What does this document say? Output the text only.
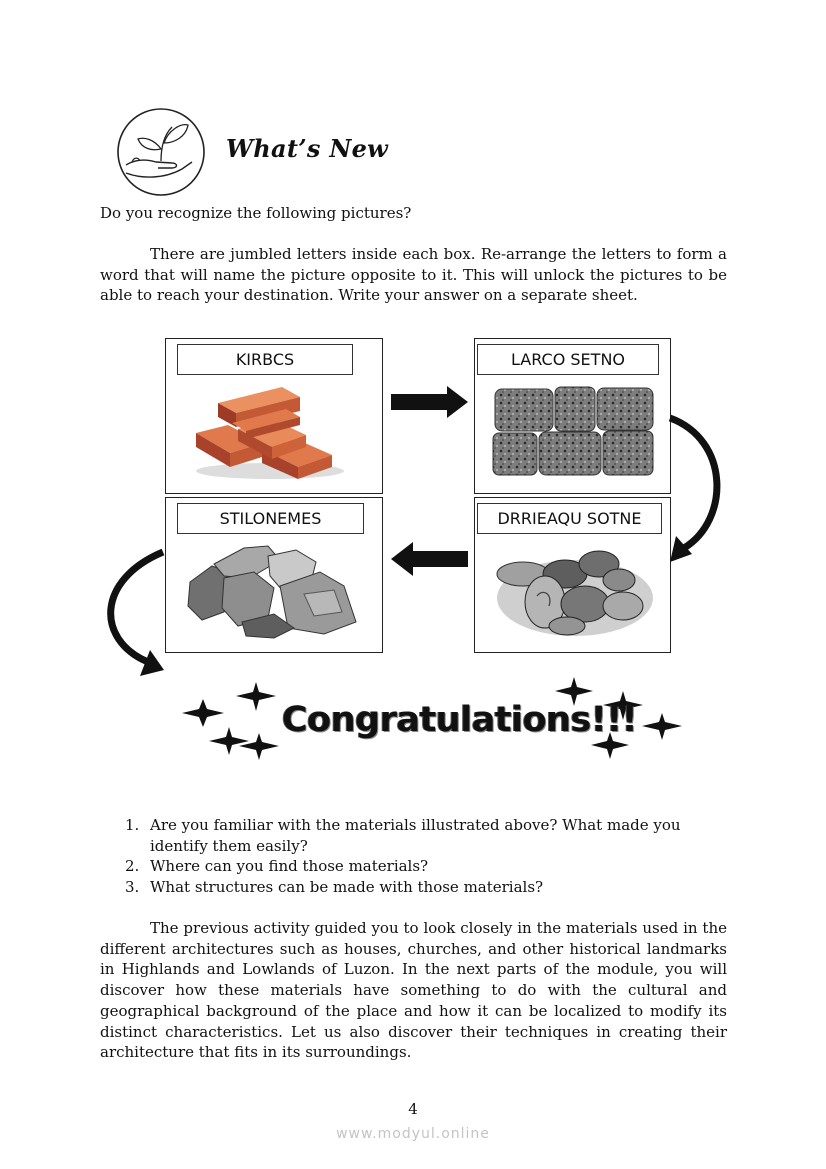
What’s New
Do you recognize the following pictures?
There are jumbled letters inside each box. Re-arrange the letters to form a word that will name the picture opposite to it. This will unlock the pictures to be able to reach your destination. Write your answer on a separate sheet.
KIRBCS	LARCO SETNO
STILONEMES	DRRIEAQU SOTNE
Congratulations!!!
1. Are you familiar with the materials illustrated above? What made you identify them easily?
2. Where can you find those materials?
3. What structures can be made with those materials?
The previous activity guided you to look closely in the materials used in the different architectures such as houses, churches, and other historical landmarks in Highlands and Lowlands of Luzon. In the next parts of the module, you will discover how these materials have something to do with the cultural and geographical background of the place and how it can be localized to modify its distinct characteristics. Let us also discover their techniques in creating their architecture that fits in its surroundings.
4
www.modyul.online
